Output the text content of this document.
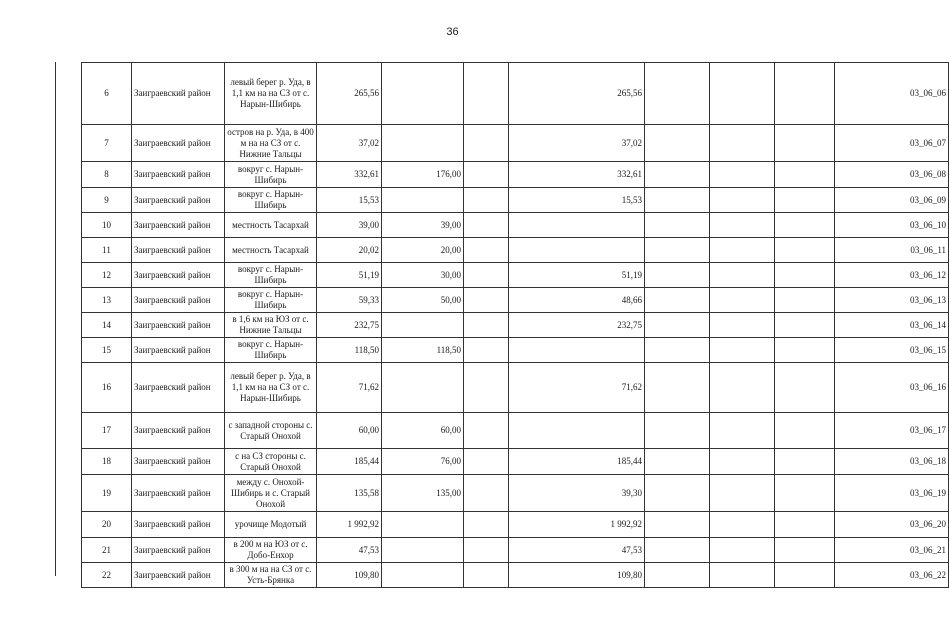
36
6	Заиграевский район	левый берег р. Уда, в 1,1 км на на СЗ от с. Нарын-Шибирь	265,56			265,56				03_06_06
7	Заиграевский район	остров на р. Уда, в 400 м на на СЗ от с. Нижние Тальцы	37,02			37,02				03_06_07
8	Заиграевский район	вокруг с. Нарын-Шибирь	332,61	176,00		332,61				03_06_08
9	Заиграевский район	вокруг с. Нарын-Шибирь	15,53			15,53				03_06_09
10	Заиграевский район	местность Тасархай	39,00	39,00						03_06_10
11	Заиграевский район	местность Тасархай	20,02	20,00						03_06_11
12	Заиграевский район	вокруг с. Нарын-Шибирь	51,19	30,00		51,19				03_06_12
13	Заиграевский район	вокруг с. Нарын-Шибирь	59,33	50,00		48,66				03_06_13
14	Заиграевский район	в 1,6 км на ЮЗ от с. Нижние Тальцы	232,75			232,75				03_06_14
15	Заиграевский район	вокруг с. Нарын-Шибирь	118,50	118,50						03_06_15
16	Заиграевский район	левый берег р. Уда, в 1,1 км на на СЗ от с. Нарын-Шибирь	71,62			71,62				03_06_16
17	Заиграевский район	с западной стороны с. Старый Онохой	60,00	60,00						03_06_17
18	Заиграевский район	с на СЗ стороны с. Старый Онохой	185,44	76,00		185,44				03_06_18
19	Заиграевский район	между с. Онохой-Шибирь и с. Старый Онохой	135,58	135,00		39,30				03_06_19
20	Заиграевский район	урочище Модотый	1 992,92			1 992,92				03_06_20
21	Заиграевский район	в 200 м на ЮЗ от с. Добо-Енхор	47,53			47,53				03_06_21
22	Заиграевский район	в 300 м на на СЗ от с. Усть-Брянка	109,80			109,80				03_06_22
